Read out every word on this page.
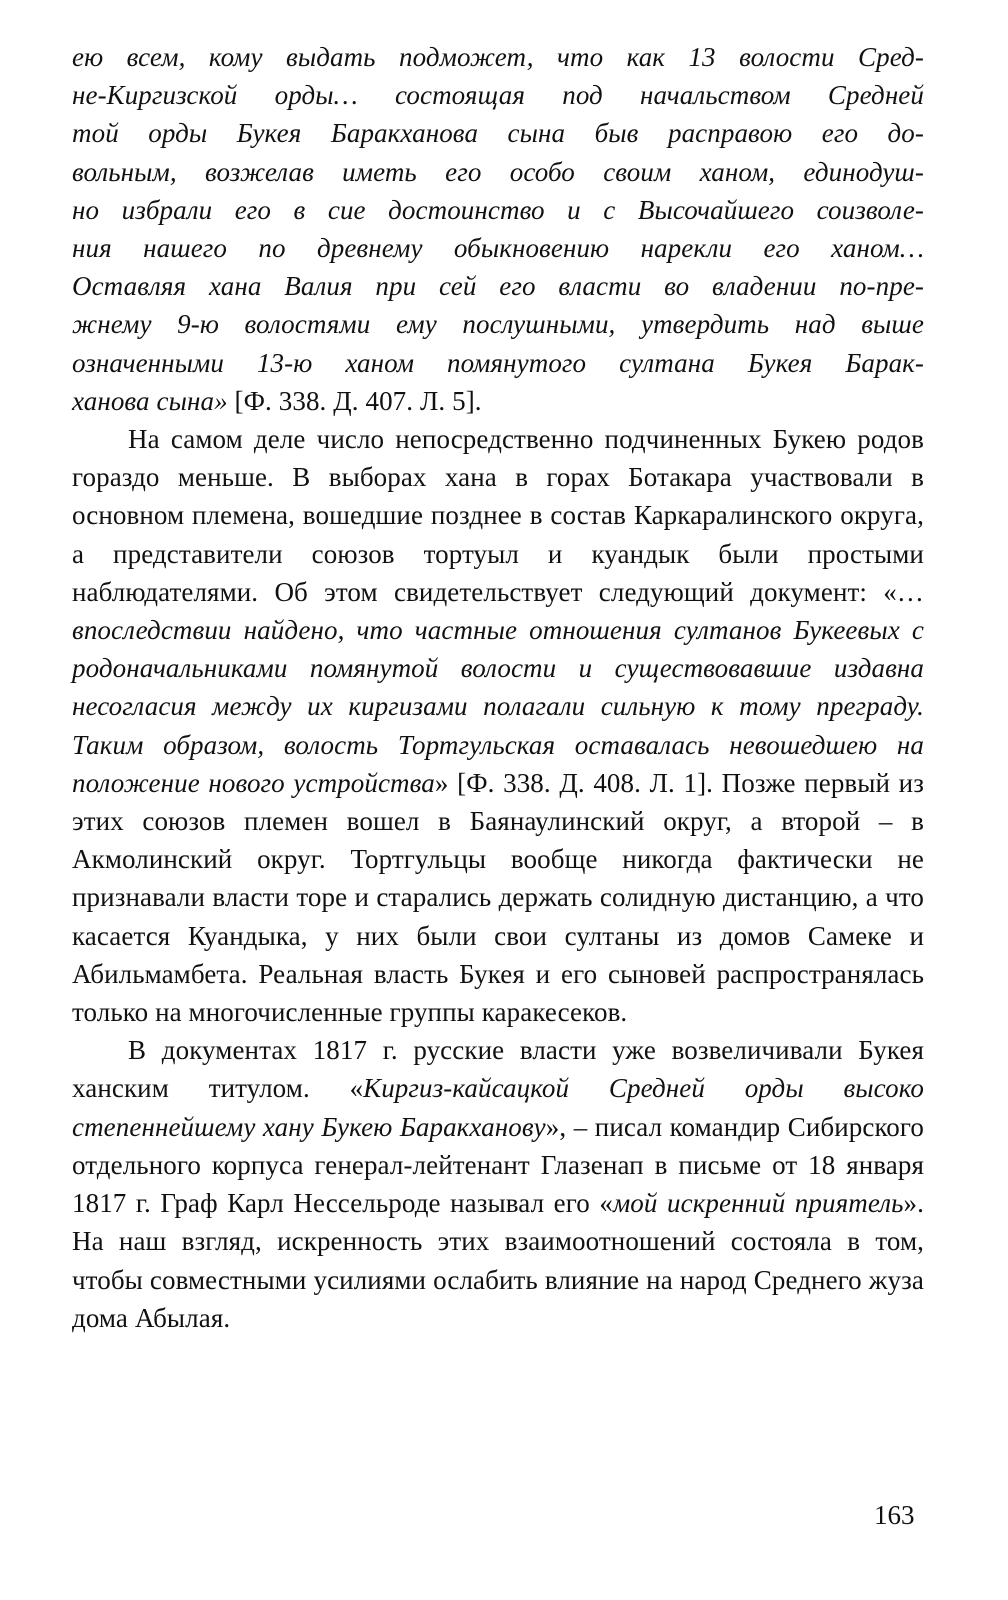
ею всем, кому выдать подможет, что как 13 волости Сред-
не-Киргизской орды… состоящая под начальством Средней
той орды Букея Баракханова сына быв расправою его до-
вольным, возжелав иметь его особо своим ханом, единодуш-
но избрали его в сие достоинство и с Высочайшего соизволе-
ния нашего по древнему обыкновению нарекли его ханом…
Оставляя хана Валия при сей его власти во владении по-пре-
жнему 9-ю волостями ему послушными, утвердить над выше
означенными 13-ю ханом помянутого султана Букея Барак-
ханова сына» [Ф. 338. Д. 407. Л. 5].

На самом деле число непосредственно подчиненных Букею родов гораздо меньше. В выборах хана в горах Ботакара участвовали в основном племена, вошедшие позднее в состав Каркаралинского округа, а представители союзов тортуыл и куандык были простыми наблюдателями. Об этом свидетельствует следующий документ: «… впоследствии найдено, что частные отношения султанов Букеевых с родоначальниками помянутой волости и существовавшие издавна несогласия между их киргизами полагали сильную к тому преграду. Таким образом, волость Тортгульская оставалась невошедшею на положение нового устройства» [Ф. 338. Д. 408. Л. 1]. Позже первый из этих союзов племен вошел в Баянаулинский округ, а второй – в Акмолинский округ. Тортгульцы вообще никогда фактически не признавали власти торе и старались держать солидную дистанцию, а что касается Куандыка, у них были свои султаны из домов Самеке и Абильмамбета. Реальная власть Букея и его сыновей распространялась только на многочисленные группы каракесеков.

В документах 1817 г. русские власти уже возвеличивали Букея ханским титулом. «Киргиз-кайсацкой Средней орды высоко степеннейшему хану Букею Баракханову», – писал командир Сибирского отдельного корпуса генерал-лейтенант Глазенап в письме от 18 января 1817 г. Граф Карл Нессельроде называл его «мой искренний приятель». На наш взгляд, искренность этих взаимоотношений состояла в том, чтобы совместными усилиями ослабить влияние на народ Среднего жуза дома Абылая.

163
